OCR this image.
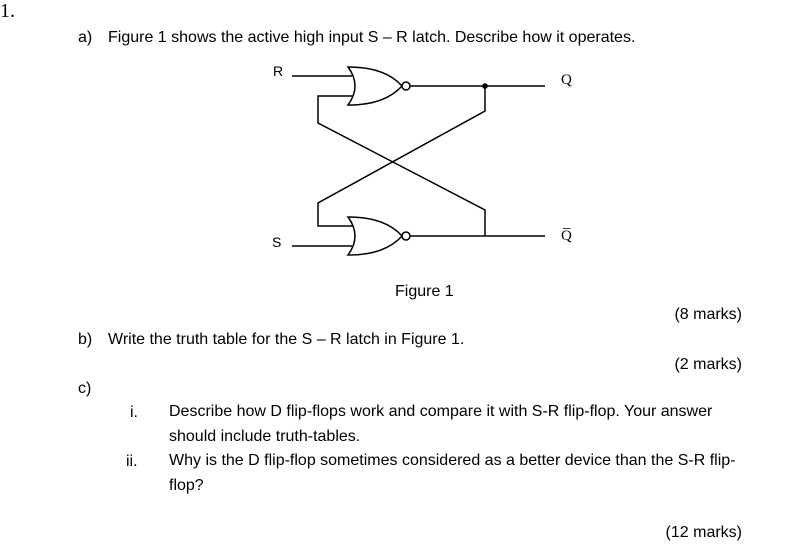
1.
a) Figure 1 shows the active high input S – R latch. Describe how it operates.
R
S
Q
Q̅
Figure 1
(8 marks)
b) Write the truth table for the S – R latch in Figure 1.
(2 marks)
c)
i. Describe how D flip-flops work and compare it with S-R flip-flop. Your answer should include truth-tables.
ii. Why is the D flip-flop sometimes considered as a better device than the S-R flip-flop?
(12 marks)
